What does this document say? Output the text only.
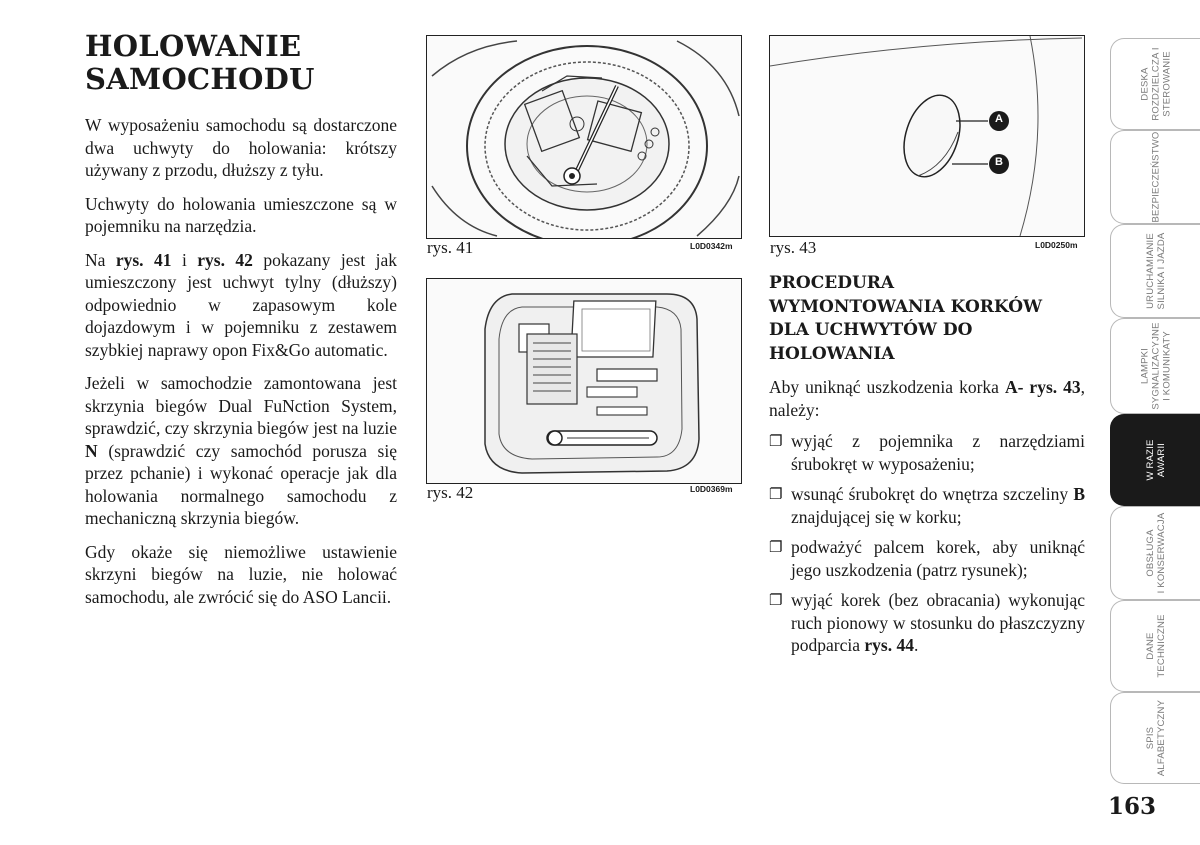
HOLOWANIE
SAMOCHODU

W wyposażeniu samochodu są dostarczone dwa uchwyty do holowania: krótszy używany z przodu, dłuższy z tyłu.

Uchwyty do holowania umieszczone są w pojemniku na narzędzia.

Na rys. 41 i rys. 42 pokazany jest jak umieszczony jest uchwyt tylny (dłuższy) odpowiednio w zapasowym kole dojazdowym i w pojemniku z zestawem szybkiej naprawy opon Fix&Go automatic.

Jeżeli w samochodzie zamontowana jest skrzynia biegów Dual FuNction System, sprawdzić, czy skrzynia biegów jest na luzie N (sprawdzić czy samochód porusza się przez pchanie) i wykonać operacje jak dla holowania normalnego samochodu z mechaniczną skrzynia biegów.

Gdy okaże się niemożliwe ustawienie skrzyni biegów na luzie, nie holować samochodu, ale zwrócić się do ASO Lancii.

rys. 41	L0D0342m
rys. 42	L0D0369m
A
B
rys. 43	L0D0250m
PROCEDURA
WYMONTOWANIA KORKÓW
DLA UCHWYTÓW DO
HOLOWANIA

Aby uniknąć uszkodzenia korka A- rys. 43, należy:

❐ wyjąć z pojemnika z narzędziami śrubokręt w wyposażeniu;
❐ wsunąć śrubokręt do wnętrza szczeliny B znajdującej się w korku;
❐ podważyć palcem korek, aby uniknąć jego uszkodzenia (patrz rysunek);
❐ wyjąć korek (bez obracania) wykonując ruch pionowy w stosunku do płaszczyzny podparcia rys. 44.
DESKA ROZDZIELCZA I STEROWANIE
BEZPIECZEŃSTWO
URUCHAMIANIE SILNIKA I JAZDA
LAMPKI SYGNALIZACYJNE I KOMUNIKATY
W RAZIE AWARII
OBSŁUGA I KONSERWACJA
DANE TECHNICZNE
SPIS ALFABETYCZNY
163
